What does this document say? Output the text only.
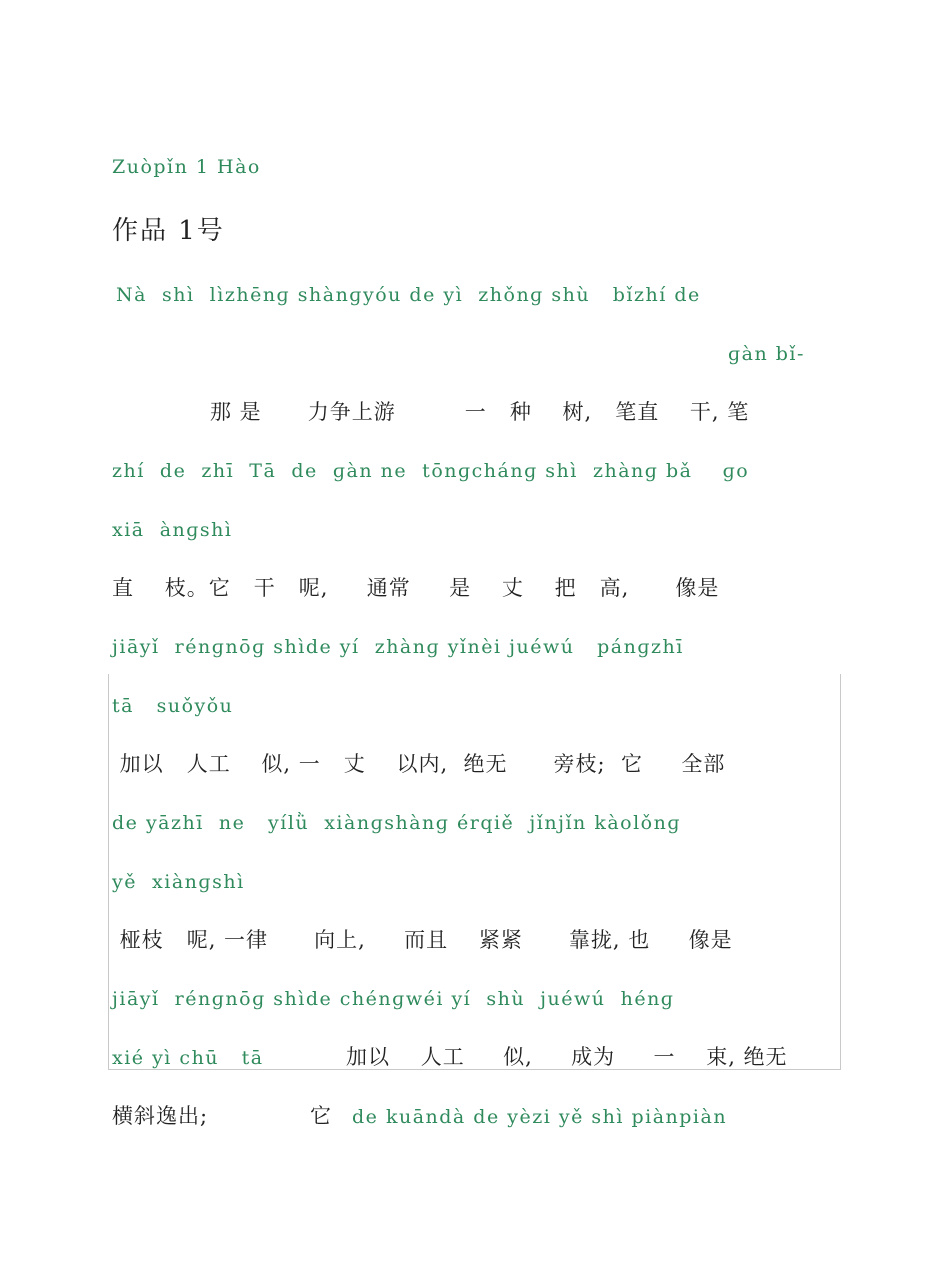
Zuòpǐn 1 Hào
作品 1号
Nà  shì  lìzhēnɡ shànɡyóu de yì  zhǒnɡ shù   bǐzhí de
ɡàn bǐ-
那 是      力争上游         一   种    树,   笔直    干, 笔
zhí  de  zhī  Tā  de  ɡàn ne  tōnɡchánɡ shì  zhànɡ bǎ    ɡo
xiā  ànɡshì
直    枝。它   干   呢,     通常     是    丈    把   高,      像是
jiāyǐ  rénɡnōɡ shìde yí  zhànɡ yǐnèi juéwú   pánɡzhī
tā   suǒyǒu
加以   人工    似, 一   丈    以内,  绝无      旁枝;  它     全部
de yāzhī  ne   yílǜ  xiànɡshànɡ érqiě  jǐnjǐn kàolǒnɡ
yě  xiànɡshì
桠枝   呢, 一律      向上,     而且    紧紧      靠拢, 也     像是
jiāyǐ  rénɡnōɡ shìde chénɡwéi yí  shù  juéwú  hénɡ
xié yì chū   tā	加以    人工     似,     成为     一    束, 绝无
横斜逸出;	它 de kuāndà de yèzi yě shì piànpiàn
